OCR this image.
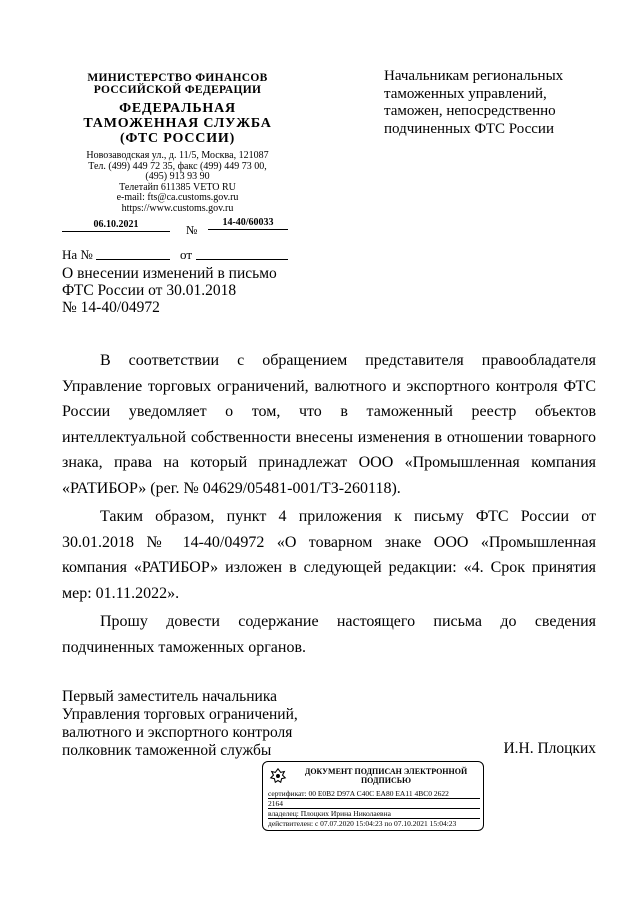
МИНИСТЕРСТВО ФИНАНСОВ
РОССИЙСКОЙ ФЕДЕРАЦИИ
ФЕДЕРАЛЬНАЯ
ТАМОЖЕННАЯ СЛУЖБА
(ФТС РОССИИ)
Новозаводская ул., д. 11/5, Москва, 121087
Тел. (499) 449 72 35, факс (499) 449 73 00,
(495) 913 93 90
Телетайп 611385 VETO RU
e-mail: fts@ca.customs.gov.ru
https://www.customs.gov.ru
06.10.2021	№
14-40/60033
На №	от
О внесении изменений в письмо
ФТС России от 30.01.2018
№ 14-40/04972
Начальникам региональных
таможенных управлений,
таможен, непосредственно
подчиненных ФТС России

В соответствии с обращением представителя правообладателя Управление торговых ограничений, валютного и экспортного контроля ФТС России уведомляет о том, что в таможенный реестр объектов интеллектуальной собственности внесены изменения в отношении товарного знака, права на который принадлежат ООО «Промышленная компания «РАТИБОР» (рег. № 04629/05481-001/ТЗ-260118).

Таким образом, пункт 4 приложения к письму ФТС России от 30.01.2018 № 14-40/04972 «О товарном знаке ООО «Промышленная компания «РАТИБОР» изложен в следующей редакции: «4. Срок принятия мер: 01.11.2022».

Прошу довести содержание настоящего письма до сведения подчиненных таможенных органов.

Первый заместитель начальника
Управления торговых ограничений,
валютного и экспортного контроля
полковник таможенной службы	И.Н. Плоцких
ДОКУМЕНТ ПОДПИСАН ЭЛЕКТРОННОЙ ПОДПИСЬЮ
сертификат: 00 E0B2 D97A C40C EA80 EA11 4BC0 2622
2164
владелец: Плоцких Ирина Николаевна
действителен: с 07.07.2020 15:04:23 по 07.10.2021 15:04:23
